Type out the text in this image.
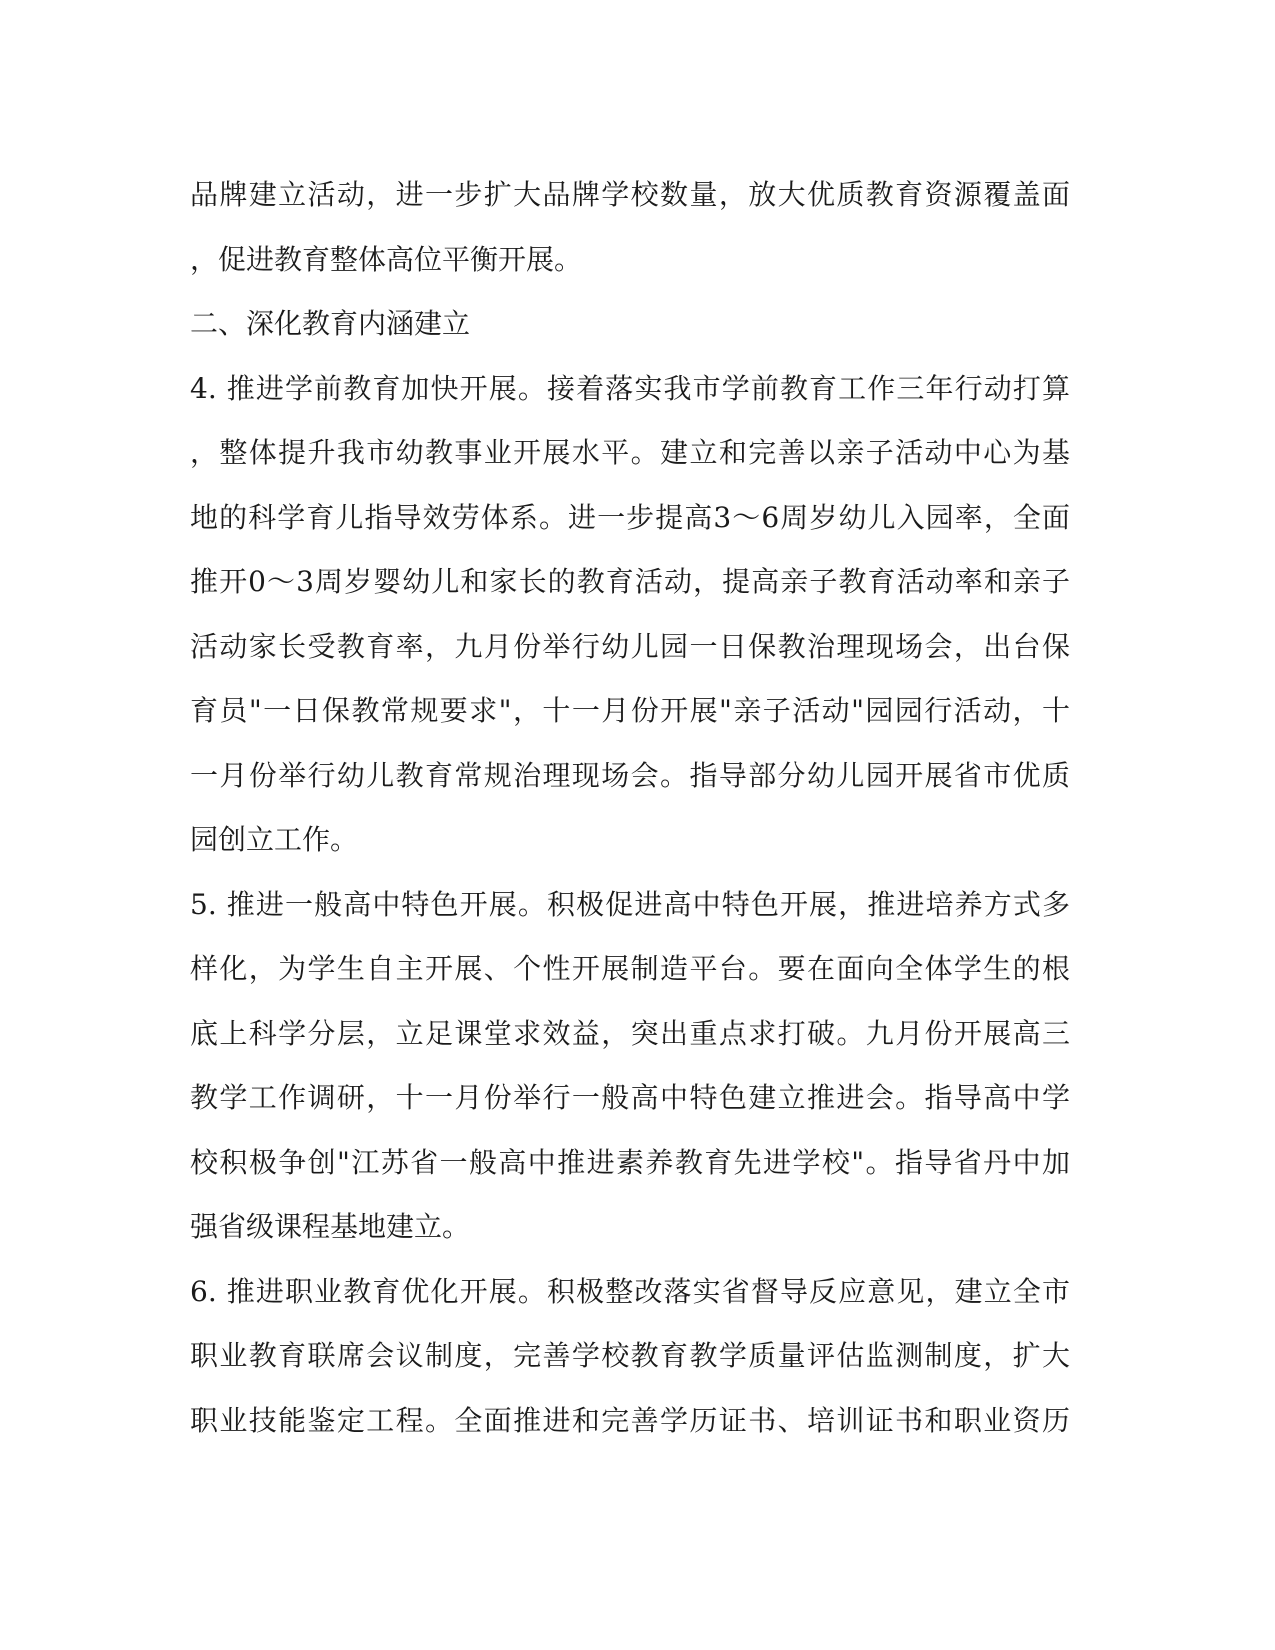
品牌建立活动，进一步扩大品牌学校数量，放大优质教育资源覆盖面
，促进教育整体高位平衡开展。
二、深化教育内涵建立
4. 推进学前教育加快开展。接着落实我市学前教育工作三年行动打算
，整体提升我市幼教事业开展水平。建立和完善以亲子活动中心为基
地的科学育儿指导效劳体系。进一步提高3～6周岁幼儿入园率，全面
推开0～3周岁婴幼儿和家长的教育活动，提高亲子教育活动率和亲子
活动家长受教育率，九月份举行幼儿园一日保教治理现场会，出台保
育员"一日保教常规要求"，十一月份开展"亲子活动"园园行活动，十
一月份举行幼儿教育常规治理现场会。指导部分幼儿园开展省市优质
园创立工作。
5. 推进一般高中特色开展。积极促进高中特色开展，推进培养方式多
样化，为学生自主开展、个性开展制造平台。要在面向全体学生的根
底上科学分层，立足课堂求效益，突出重点求打破。九月份开展高三
教学工作调研，十一月份举行一般高中特色建立推进会。指导高中学
校积极争创"江苏省一般高中推进素养教育先进学校"。指导省丹中加
强省级课程基地建立。
6. 推进职业教育优化开展。积极整改落实省督导反应意见，建立全市
职业教育联席会议制度，完善学校教育教学质量评估监测制度，扩大
职业技能鉴定工程。全面推进和完善学历证书、培训证书和职业资历
